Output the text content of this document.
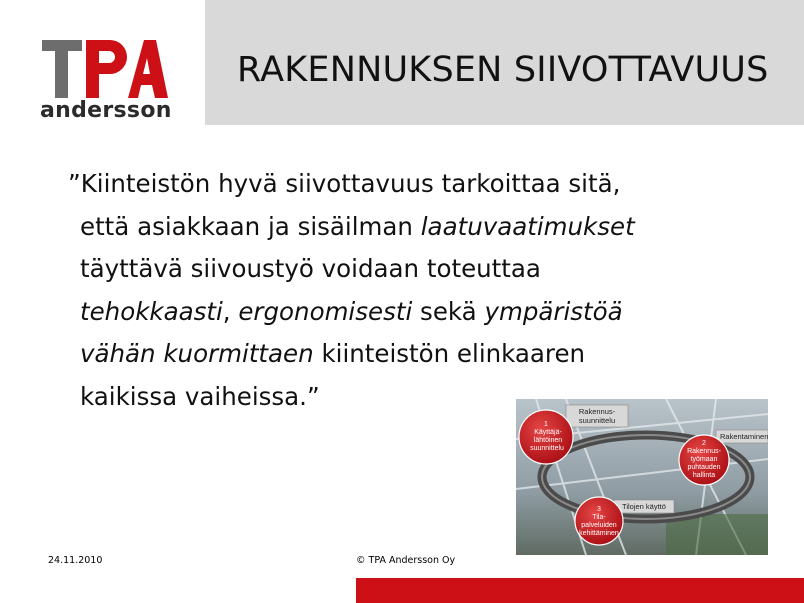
andersson
RAKENNUKSEN SIIVOTTAVUUS
”Kiinteistön hyvä siivottavuus tarkoittaa sitä,
että asiakkaan ja sisäilman laatuvaatimukset
täyttävä siivoustyö voidaan toteuttaa
tehokkaasti, ergonomisesti sekä ympäristöä
vähän kuormittaen kiinteistön elinkaaren
kaikissa vaiheissa.”
Rakennus-
suunnittelu
Rakentaminen
Tilojen käyttö
1
Käyttäjä-
lähtöinen
suunnittelu
2
Rakennus-
työmaan
puhtauden
hallinta
3
Tila-
palveluiden
kehittäminen
24.11.2010	© TPA Andersson Oy
